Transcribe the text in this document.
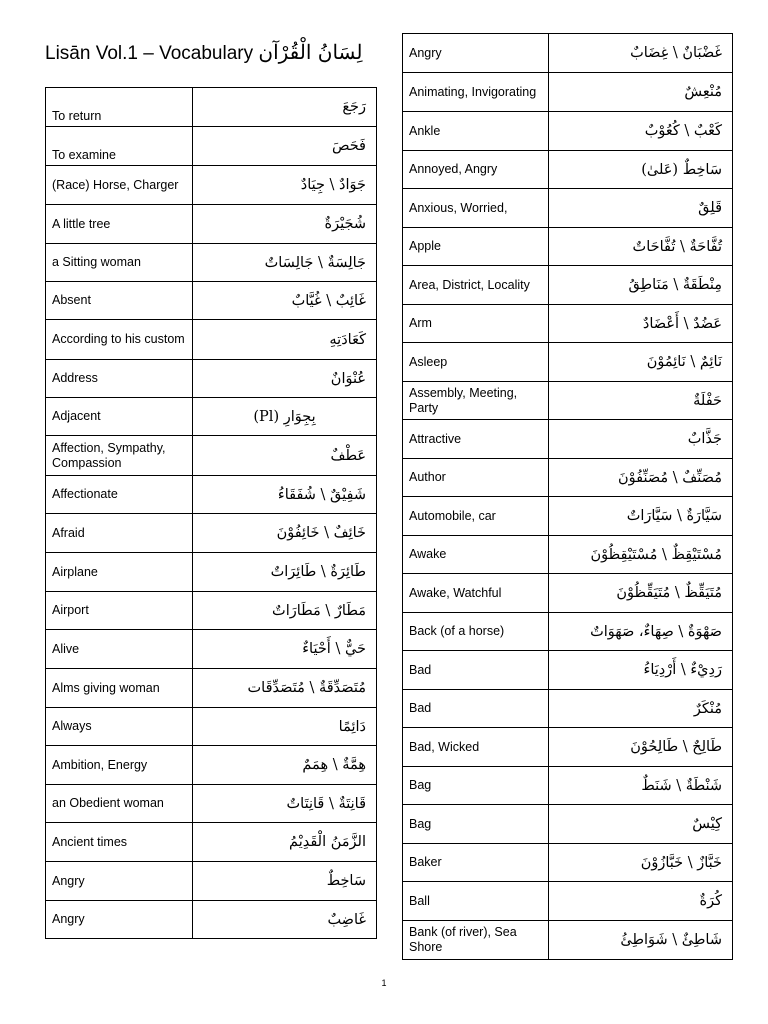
Lisān Vol.1 – Vocabulary لِسَانُ الْقُرْآن
To return	رَجَعَ
To examine	فَحَصَ
(Race) Horse, Charger	جَوَادٌ \ جِيَادٌ
A little tree	شُجَيْرَةٌ
a Sitting woman	جَالِسَةٌ \ جَالِسَاتٌ
Absent	غَائِبٌ \ غُيَّابٌ
According to his custom	كَعَادَتِهِ
Address	عُنْوَانٌ
Adjacent	بِجِوَارِ (Pl)
Affection, Sympathy, Compassion	عَطْفٌ
Affectionate	شَفِيْقٌ \ شُفَقَاءُ
Afraid	خَائِفٌ \ خَائِفُوْنَ
Airplane	طَائِرَةٌ \ طَائِرَاتٌ
Airport	مَطَارٌ \ مَطَارَاتٌ
Alive	حَيٌّ \ أَحْيَاءٌ
Alms giving woman	مُتَصَدِّقَةٌ \ مُتَصَدِّقَات
Always	دَائِمًا
Ambition, Energy	هِمَّةٌ \ هِمَمٌ
an Obedient woman	قَانِتَةٌ \ قَانِتَاتٌ
Ancient times	الزَّمَنُ الْقَدِيْمُ
Angry	سَاخِطٌ
Angry	غَاضِبٌ
Angry	غَضْبَانٌ \ غِضَابٌ
Animating, Invigorating	مُنْعِشٌ
Ankle	كَعْبٌ \ كُعُوْبٌ
Annoyed, Angry	سَاخِطٌ (عَلىٰ)
Anxious, Worried,	قَلِقٌ
Apple	تُفَّاحَةٌ \ تُفَّاحَاتٌ
Area, District, Locality	مِنْطَقَةٌ \ مَنَاطِقُ
Arm	عَضُدٌ \ أَعْضَادٌ
Asleep	نَائِمٌ \ نَائِمُوْنَ
Assembly, Meeting, Party	حَفْلَةٌ
Attractive	جَذَّابٌ
Author	مُصَنِّفٌ \ مُصَنِّفُوْنَ
Automobile, car	سَيَّارَةٌ \ سَيَّارَاتٌ
Awake	مُسْتَيْقِظٌ \ مُسْتَيْقِظُوْنَ
Awake, Watchful	مُتَيَقِّظٌ \ مُتَيَقِّظُوْنَ
Back (of a horse)	صَهْوَةٌ \ صِهَاءٌ، صَهَوَاتٌ
Bad	رَدِيْءٌ \ أَرْدِيَاءُ
Bad	مُنْكَرٌ
Bad, Wicked	طَالِحٌ \ طَالِحُوْنَ
Bag	شَنْطَةٌ \ شَنَطٌ
Bag	كِيْسٌ
Baker	خَبَّازٌ \ خَبَّازُوْنَ
Ball	كُرَةٌ
Bank (of river), Sea Shore	شَاطِئٌ \ شَوَاطِئُ
1
